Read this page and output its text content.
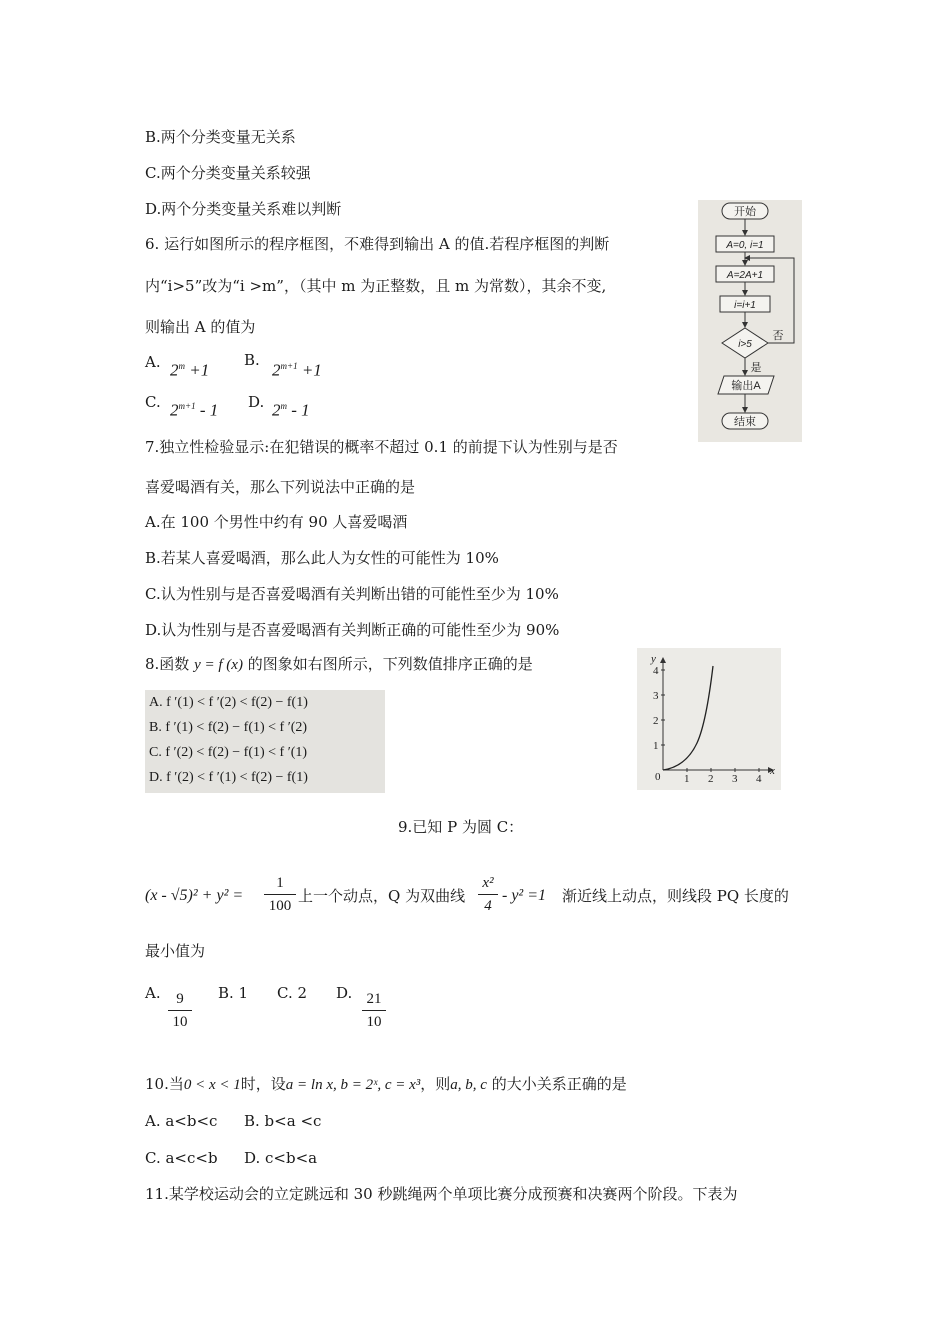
B.两个分类变量无关系
C.两个分类变量关系较强
D.两个分类变量关系难以判断
6. 运行如图所示的程序框图，不难得到输出 A 的值.若程序框图的判断
内“i>5”改为“i >m”，（其中 m 为正整数，且 m 为常数），其余不变,
则输出 A 的值为
A. $2^m +1$
B.
$2^{m+1} +1$
C. $2^{m+1} - 1$ D. 2$^m$ - 1
开始
A=0, i=1
A=2A+1
i=i+1
i>5
否
是
输出A
结束
7.独立性检验显示:在犯错误的概率不超过 0.1 的前提下认为性别与是否
喜爱喝酒有关，那么下列说法中正确的是
A.在 100 个男性中约有 90 人喜爱喝酒
B.若某人喜爱喝酒，那么此人为女性的可能性为 10%
C.认为性别与是否喜爱喝酒有关判断出错的可能性至少为 10%
D.认为性别与是否喜爱喝酒有关判断正确的可能性至少为 90%
8.函数 y = f (x) 的图象如右图所示，下列数值排序正确的是
A. f ′(1) < f ′(2) < f(2) − f(1)
B. f ′(1) < f(2) − f(1) < f ′(2)
C. f ′(2) < f(2) − f(1) < f ′(1)
D. f ′(2) < f ′(1) < f(2) − f(1)
y
x
0 1 2 3 4
1
2
3
4
9.已知 P 为圆 C：
(x - √5)² + y² =
1
100
上一个动点，Q 为双曲线
x²
4
- y² =1 渐近线上动点，则线段 PQ 长度的
最小值为
A.	9
10
B. 1 C. 2 D. 21
10
10.当0 < x < 1时，设a = ln x, b = 2ˣ, c = x³，则a, b, c 的大小关系正确的是
A. a<b<c B. b<a <c
C. a<c<b D. c<b<a
11.某学校运动会的立定跳远和 30 秒跳绳两个单项比赛分成预赛和决赛两个阶段。下表为
